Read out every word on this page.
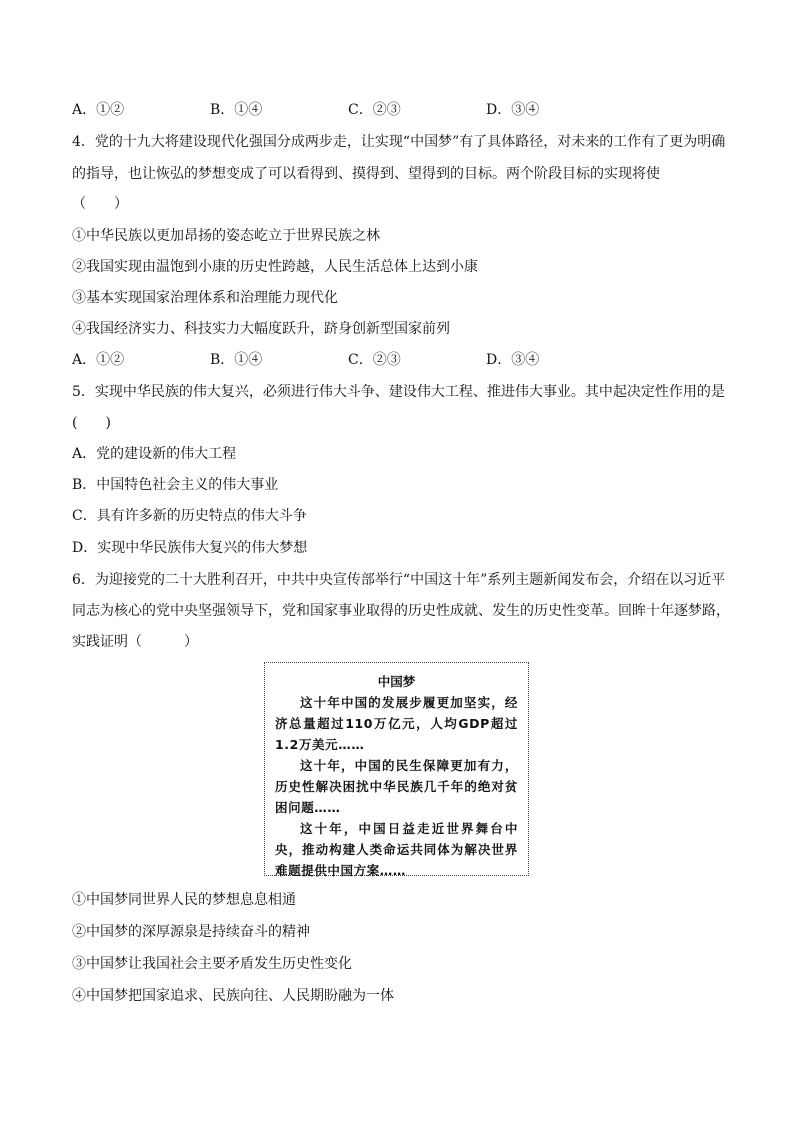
A．①②	B．①④	C．②③	D．③④
4．党的十九大将建设现代化强国分成两步走，让实现“中国梦”有了具体路径，对未来的工作有了更为明确
的指导，也让恢弘的梦想变成了可以看得到、摸得到、望得到的目标。两个阶段目标的实现将使
（　　）
①中华民族以更加昂扬的姿态屹立于世界民族之林
②我国实现由温饱到小康的历史性跨越，人民生活总体上达到小康
③基本实现国家治理体系和治理能力现代化
④我国经济实力、科技实力大幅度跃升，跻身创新型国家前列
A．①②	B．①④	C．②③	D．③④
5．实现中华民族的伟大复兴，必须进行伟大斗争、建设伟大工程、推进伟大事业。其中起决定性作用的是
(　　)
A．党的建设新的伟大工程
B．中国特色社会主义的伟大事业
C．具有许多新的历史特点的伟大斗争
D．实现中华民族伟大复兴的伟大梦想
6．为迎接党的二十大胜利召开，中共中央宣传部举行“中国这十年”系列主题新闻发布会，介绍在以习近平
同志为核心的党中央坚强领导下，党和国家事业取得的历史性成就、发生的历史性变革。回眸十年逐梦路，
实践证明（　　　）
中国梦

这十年中国的发展步履更加坚实，经济总量超过110万亿元，人均GDP超过1.2万美元……

这十年，中国的民生保障更加有力，历史性解决困扰中华民族几千年的绝对贫困问题……

这十年，中国日益走近世界舞台中央，推动构建人类命运共同体为解决世界难题提供中国方案……

①中国梦同世界人民的梦想息息相通
②中国梦的深厚源泉是持续奋斗的精神
③中国梦让我国社会主要矛盾发生历史性变化
④中国梦把国家追求、民族向往、人民期盼融为一体
